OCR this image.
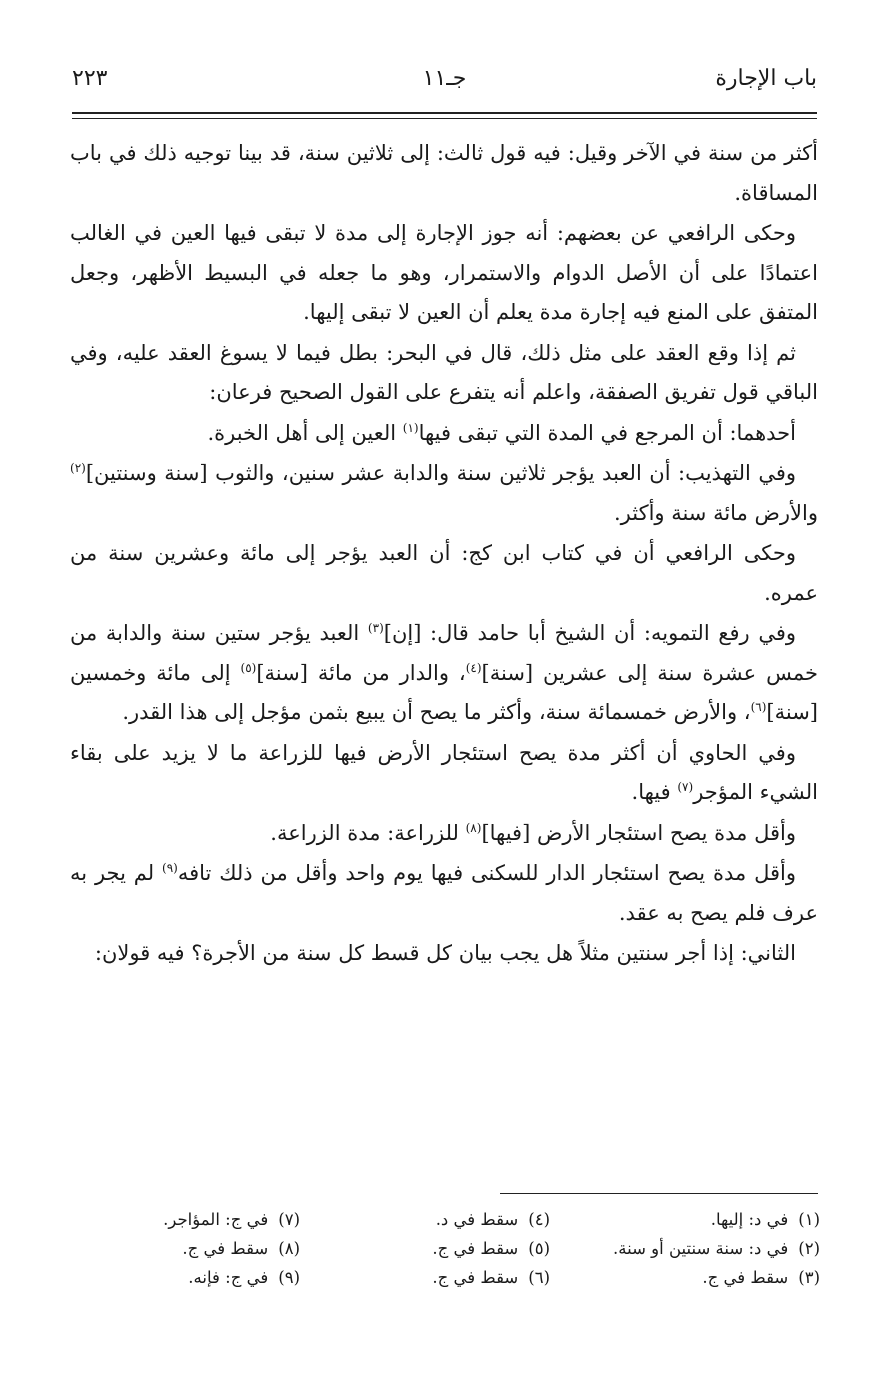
باب الإجارة
جـ١١
٢٢٣

أكثر من سنة في الآخر وقيل: فيه قول ثالث: إلى ثلاثين سنة، قد بينا توجيه ذلك في باب المساقاة.

وحكى الرافعي عن بعضهم: أنه جوز الإجارة إلى مدة لا تبقى فيها العين في الغالب اعتمادًا على أن الأصل الدوام والاستمرار، وهو ما جعله في البسيط الأظهر، وجعل المتفق على المنع فيه إجارة مدة يعلم أن العين لا تبقى إليها.

ثم إذا وقع العقد على مثل ذلك، قال في البحر: بطل فيما لا يسوغ العقد عليه، وفي الباقي قول تفريق الصفقة، واعلم أنه يتفرع على القول الصحيح فرعان:

أحدهما: أن المرجع في المدة التي تبقى فيها$^{(١)}$ العين إلى أهل الخبرة.

وفي التهذيب: أن العبد يؤجر ثلاثين سنة والدابة عشر سنين، والثوب [سنة وسنتين]$^{(٢)}$ والأرض مائة سنة وأكثر.

وحكى الرافعي أن في كتاب ابن كج: أن العبد يؤجر إلى مائة وعشرين سنة من عمره.

وفي رفع التمويه: أن الشيخ أبا حامد قال: [إن]$^{(٣)}$ العبد يؤجر ستين سنة والدابة من خمس عشرة سنة إلى عشرين [سنة]$^{(٤)}$، والدار من مائة [سنة]$^{(٥)}$ إلى مائة وخمسين [سنة]$^{(٦)}$، والأرض خمسمائة سنة، وأكثر ما يصح أن يبيع بثمن مؤجل إلى هذا القدر.

وفي الحاوي أن أكثر مدة يصح استئجار الأرض فيها للزراعة ما لا يزيد على بقاء الشيء المؤجر$^{(٧)}$ فيها.

وأقل مدة يصح استئجار الأرض [فيها]$^{(٨)}$ للزراعة: مدة الزراعة.

وأقل مدة يصح استئجار الدار للسكنى فيها يوم واحد وأقل من ذلك تافه$^{(٩)}$ لم يجر به عرف فلم يصح به عقد.

الثاني: إذا أجر سنتين مثلاً هل يجب بيان كل قسط كل سنة من الأجرة؟ فيه قولان:

(١)في د: إليها.
(٢)في د: سنة سنتين أو سنة.
(٣)سقط في ج.
(٤)سقط في د.
(٥)سقط في ج.
(٦)سقط في ج.
(٧)في ج: المؤاجر.
(٨)سقط في ج.
(٩)في ج: فإنه.
